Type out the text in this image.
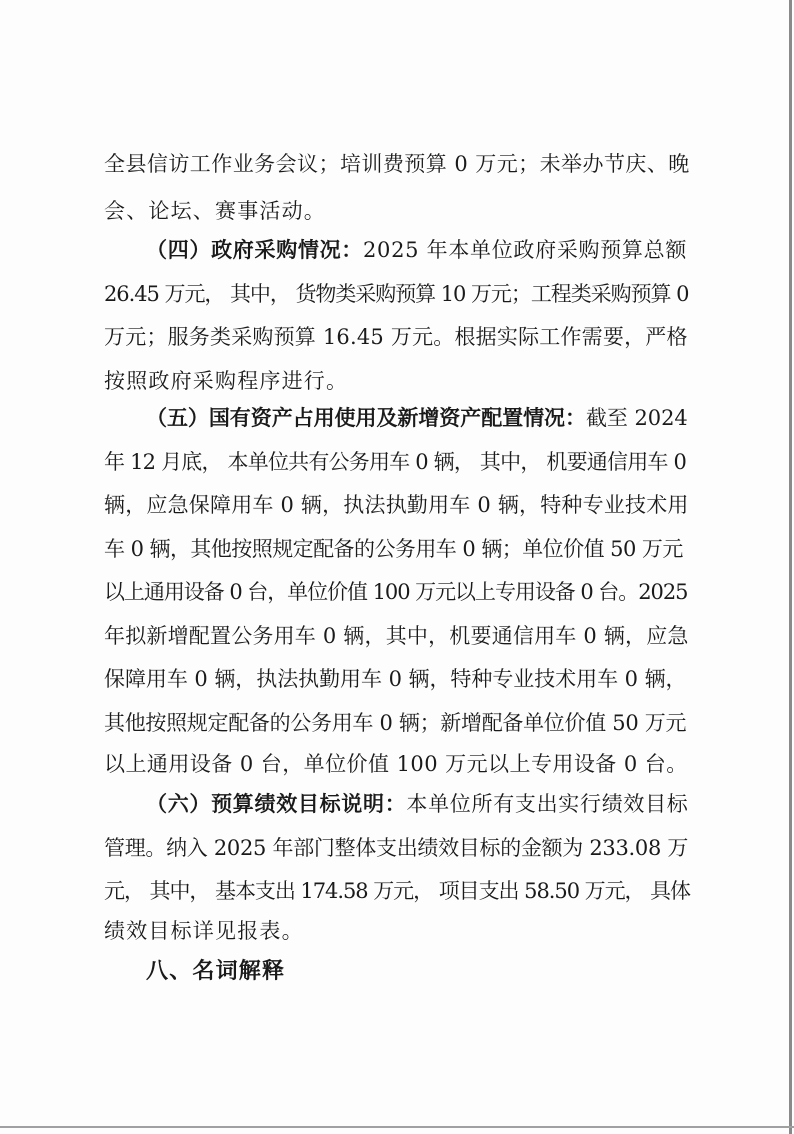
全县信访工作业务会议；培训费预算 0 万元；未举办节庆、晚
会、论坛、赛事活动。
（四）政府采购情况：2025 年本单位政府采购预算总额
26.45 万元， 其中， 货物类采购预算 10 万元；工程类采购预算 0
万元；服务类采购预算 16.45 万元。根据实际工作需要，严格
按照政府采购程序进行。
（五）国有资产占用使用及新增资产配置情况：截至 2024
年 12 月底， 本单位共有公务用车 0 辆， 其中， 机要通信用车 0
辆，应急保障用车 0 辆，执法执勤用车 0 辆，特种专业技术用
车 0 辆，其他按照规定配备的公务用车 0 辆；单位价值 50 万元
以上通用设备 0 台，单位价值 100 万元以上专用设备 0 台。2025
年拟新增配置公务用车 0 辆，其中，机要通信用车 0 辆，应急
保障用车 0 辆，执法执勤用车 0 辆，特种专业技术用车 0 辆，
其他按照规定配备的公务用车 0 辆；新增配备单位价值 50 万元
以上通用设备 0 台，单位价值 100 万元以上专用设备 0 台。
（六）预算绩效目标说明：本单位所有支出实行绩效目标
管理。纳入 2025 年部门整体支出绩效目标的金额为 233.08 万
元， 其中， 基本支出 174.58 万元， 项目支出 58.50 万元， 具体
绩效目标详见报表。
八、名词解释
